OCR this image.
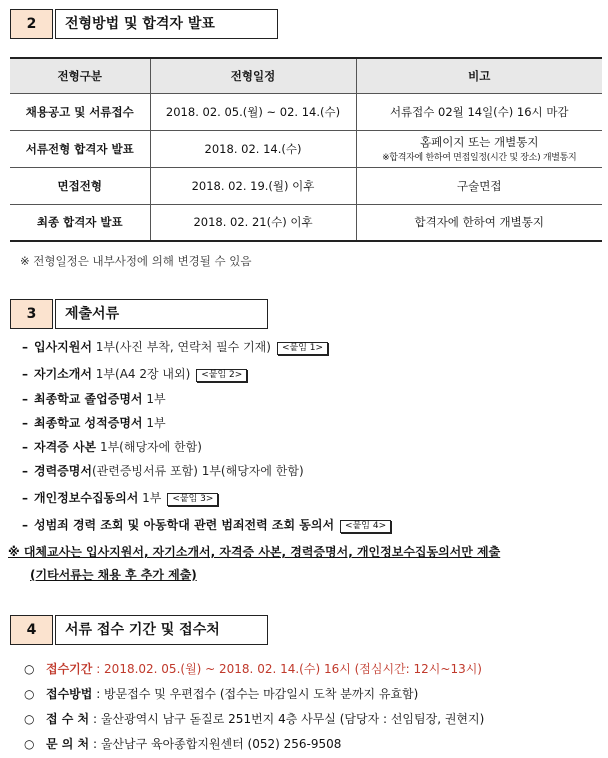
2	전형방법 및 합격자 발표
전형구분	전형일정	비고
채용공고 및 서류접수	2018. 02. 05.(월) ~ 02. 14.(수)	서류접수 02월 14일(수) 16시 마감
서류전형 합격자 발표	2018. 02. 14.(수)	홈페이지 또는 개별통지
※합격자에 한하여 면접일정(시간 및 장소) 개별통지

면접전형	2018. 02. 19.(월) 이후	구술면접
최종 합격자 발표	2018. 02. 21(수) 이후	합격자에 한하여 개별통지
※ 전형일정은 내부사정에 의해 변경될 수 있음
3	제출서류
– 입사지원서 1부(사진 부착, 연락처 필수 기재) <붙임 1>
– 자기소개서 1부(A4 2장 내외) <붙임 2>
– 최종학교 졸업증명서 1부
– 최종학교 성적증명서 1부
– 자격증 사본 1부(해당자에 한함)
– 경력증명서(관련증빙서류 포함) 1부(해당자에 한함)
– 개인정보수집동의서 1부 <붙임 3>
– 성범죄 경력 조회 및 아동학대 관련 범죄전력 조회 동의서 <붙임 4>
※ 대체교사는 입사지원서, 자기소개서, 자격증 사본, 경력증명서, 개인정보수집동의서만 제출
(기타서류는 채용 후 추가 제출)
4	서류 접수 기간 및 접수처
○ 접수기간 : 2018.02. 05.(월) ~ 2018. 02. 14.(수) 16시 (점심시간: 12시~13시)
○ 접수방법 : 방문접수 및 우편접수 (접수는 마감일시 도착 분까지 유효함)
○ 접 수 처 : 울산광역시 남구 돋질로 251번지 4층 사무실 (담당자 : 선임팀장, 권현지)
○ 문 의 처 : 울산남구 육아종합지원센터 (052) 256-9508
